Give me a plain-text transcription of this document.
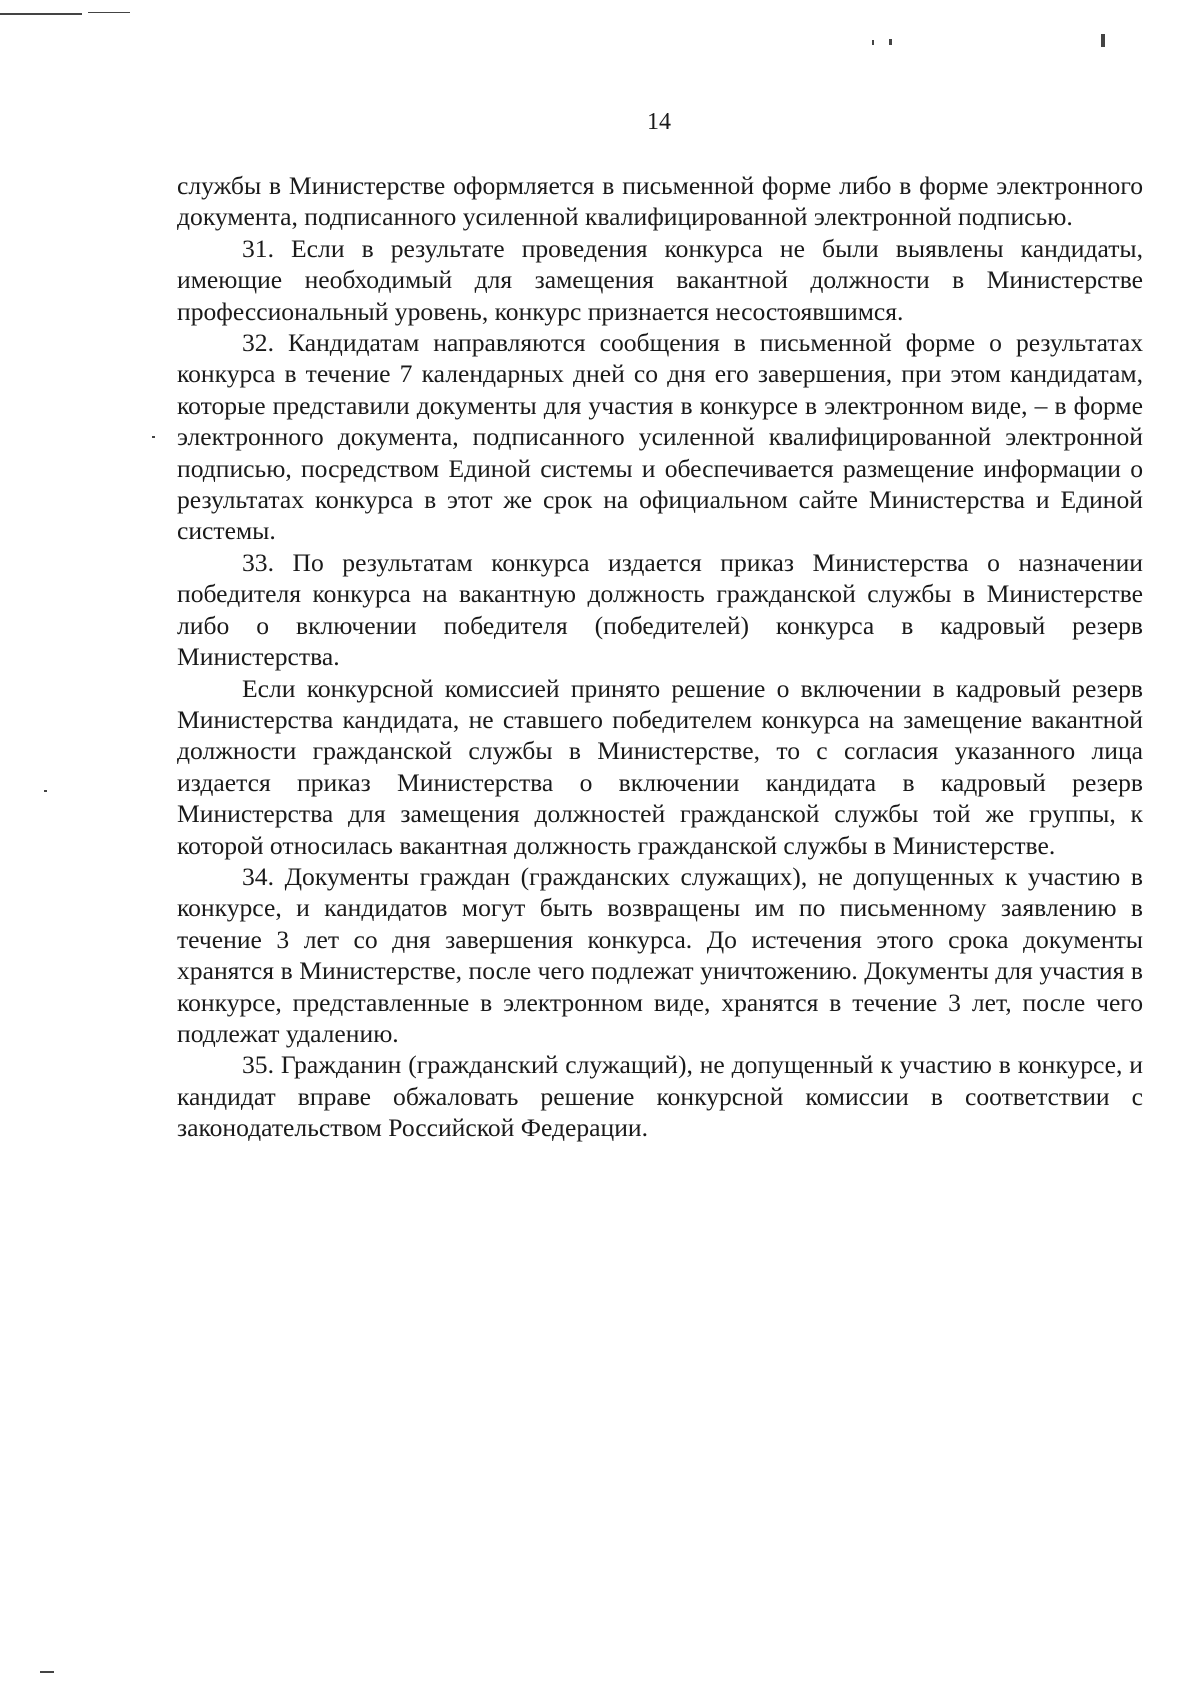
14

службы в Министерстве оформляется в письменной форме либо в форме электронного документа, подписанного усиленной квалифицированной электронной подписью.

31. Если в результате проведения конкурса не были выявлены кандидаты, имеющие необходимый для замещения вакантной должности в Министерстве профессиональный уровень, конкурс признается несостоявшимся.

32. Кандидатам направляются сообщения в письменной форме о результатах конкурса в течение 7 календарных дней со дня его завершения, при этом кандидатам, которые представили документы для участия в конкурсе в электронном виде, – в форме электронного документа, подписанного усиленной квалифицированной электронной подписью, посредством Единой системы и обеспечивается размещение информации о результатах конкурса в этот же срок на официальном сайте Министерства и Единой системы.

33. По результатам конкурса издается приказ Министерства о назначении победителя конкурса на вакантную должность гражданской службы в Министерстве либо о включении победителя (победителей) конкурса в кадровый резерв Министерства.

Если конкурсной комиссией принято решение о включении в кадровый резерв Министерства кандидата, не ставшего победителем конкурса на замещение вакантной должности гражданской службы в Министерстве, то с согласия указанного лица издается приказ Министерства о включении кандидата в кадровый резерв Министерства для замещения должностей гражданской службы той же группы, к которой относилась вакантная должность гражданской службы в Министерстве.

34. Документы граждан (гражданских служащих), не допущенных к участию в конкурсе, и кандидатов могут быть возвращены им по письменному заявлению в течение 3 лет со дня завершения конкурса. До истечения этого срока документы хранятся в Министерстве, после чего подлежат уничтожению. Документы для участия в конкурсе, представленные в электронном виде, хранятся в течение 3 лет, после чего подлежат удалению.

35. Гражданин (гражданский служащий), не допущенный к участию в конкурсе, и кандидат вправе обжаловать решение конкурсной комиссии в соответствии с законодательством Российской Федерации.
